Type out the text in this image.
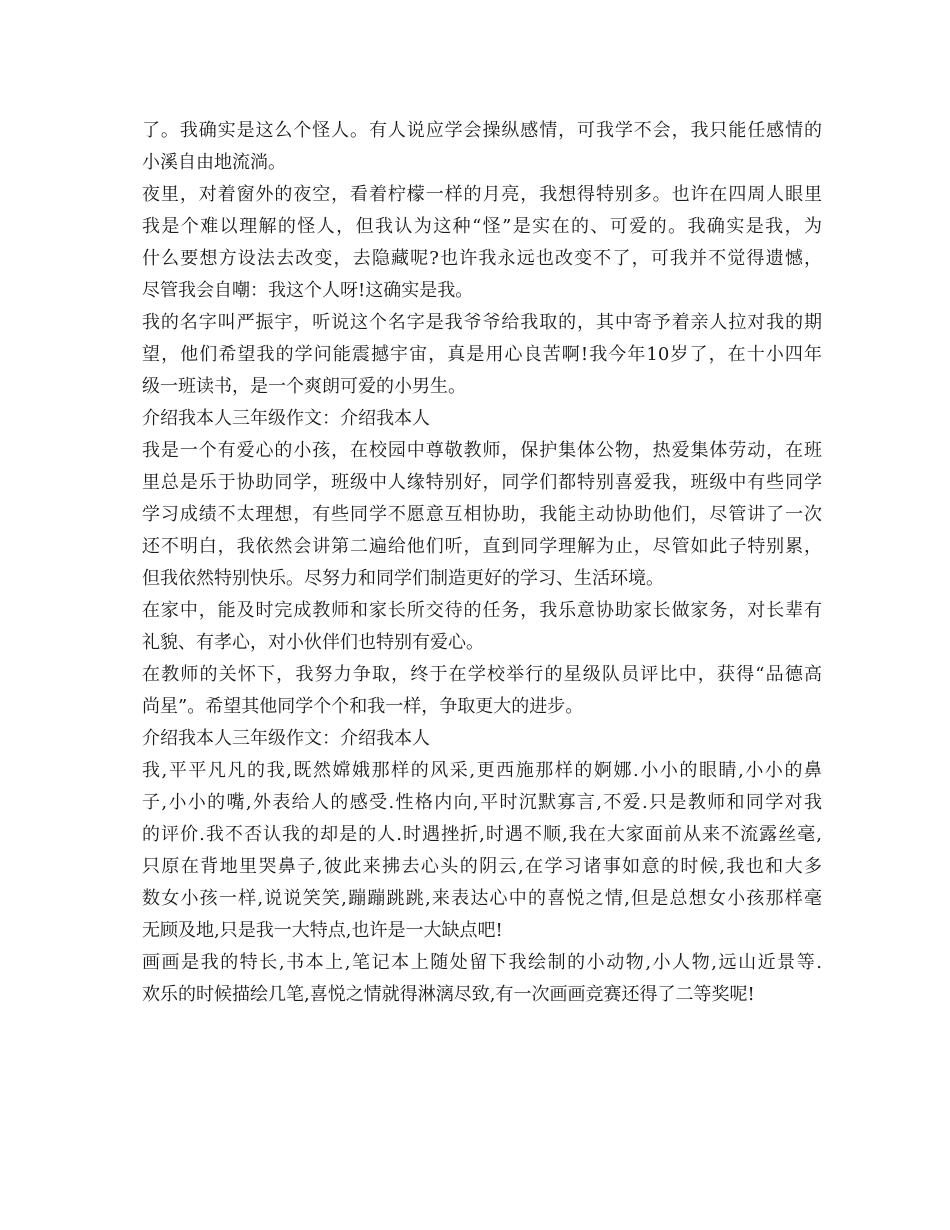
了。我确实是这么个怪人。有人说应学会操纵感情，可我学不会，我只能任感情的
小溪自由地流淌。
夜里，对着窗外的夜空，看着柠檬一样的月亮，我想得特别多。也许在四周人眼里
我是个难以理解的怪人，但我认为这种“怪”是实在的、可爱的。我确实是我，为
什么要想方设法去改变，去隐藏呢?也许我永远也改变不了，可我并不觉得遗憾，
尽管我会自嘲：我这个人呀!这确实是我。
我的名字叫严振宇，听说这个名字是我爷爷给我取的，其中寄予着亲人拉对我的期
望，他们希望我的学问能震撼宇宙，真是用心良苦啊!我今年10岁了，在十小四年
级一班读书，是一个爽朗可爱的小男生。
介绍我本人三年级作文：介绍我本人
我是一个有爱心的小孩，在校园中尊敬教师，保护集体公物，热爱集体劳动，在班
里总是乐于协助同学，班级中人缘特别好，同学们都特别喜爱我，班级中有些同学
学习成绩不太理想，有些同学不愿意互相协助，我能主动协助他们，尽管讲了一次
还不明白，我依然会讲第二遍给他们听，直到同学理解为止，尽管如此子特别累，
但我依然特别快乐。尽努力和同学们制造更好的学习、生活环境。
在家中，能及时完成教师和家长所交待的任务，我乐意协助家长做家务，对长辈有
礼貌、有孝心，对小伙伴们也特别有爱心。
在教师的关怀下，我努力争取，终于在学校举行的星级队员评比中，获得“品德高
尚星”。希望其他同学个个和我一样，争取更大的进步。
介绍我本人三年级作文：介绍我本人
我,平平凡凡的我,既然嫦娥那样的风采,更西施那样的婀娜.小小的眼睛,小小的鼻
子,小小的嘴,外表给人的感受.性格内向,平时沉默寡言,不爱.只是教师和同学对我
的评价.我不否认我的却是的人.时遇挫折,时遇不顺,我在大家面前从来不流露丝毫,
只原在背地里哭鼻子,彼此来拂去心头的阴云,在学习诸事如意的时候,我也和大多
数女小孩一样,说说笑笑,蹦蹦跳跳,来表达心中的喜悦之情,但是总想女小孩那样毫
无顾及地,只是我一大特点,也许是一大缺点吧!
画画是我的特长,书本上,笔记本上随处留下我绘制的小动物,小人物,远山近景等.
欢乐的时候描绘几笔,喜悦之情就得淋漓尽致,有一次画画竞赛还得了二等奖呢!
